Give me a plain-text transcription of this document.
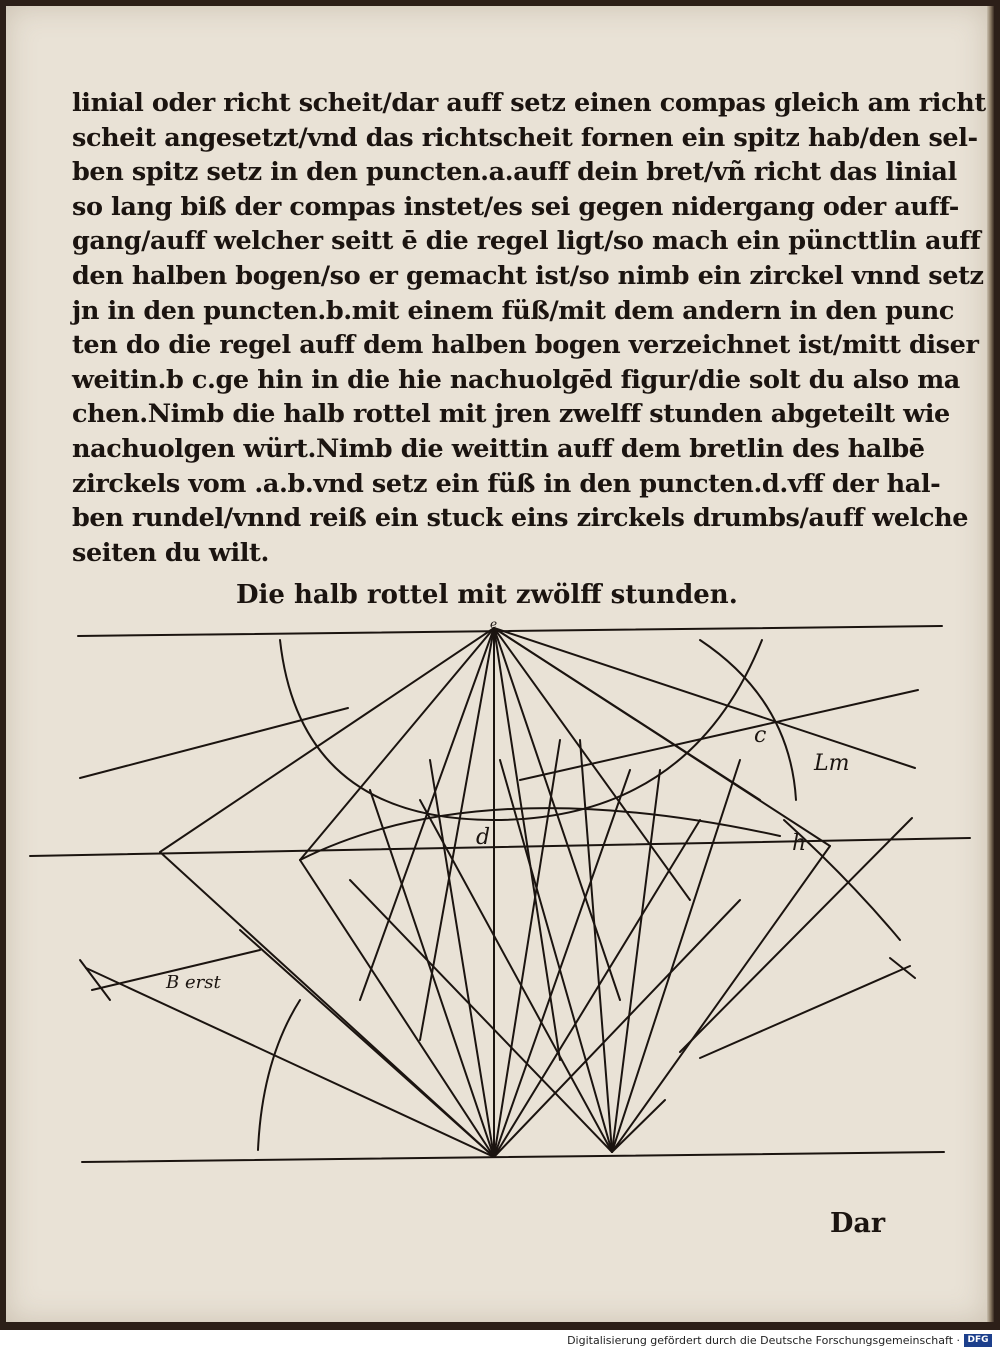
linial oder richt scheit/dar auff setz einen compas gleich am richt
scheit angesetzt/vnd das richtscheit fornen ein spitz hab/den sel-
ben spitz setz in den puncten.a.auff dein bret/vñ richt das linial
so lang biß der compas instet/es sei gegen nidergang oder auff-
gang/auff welcher seitt ē die regel ligt/so mach ein püncttlin auff
den halben bogen/so er gemacht ist/so nimb ein zirckel vnnd setz
jn in den puncten.b.mit einem füß/mit dem andern in den punc
ten do die regel auff dem halben bogen verzeichnet ist/mitt diser
weitin.b c.ge hin in die hie nachuolgēd figur/die solt du also ma
chen.Nimb die halb rottel mit jren zwelff stunden abgeteilt wie
nachuolgen würt.Nimb die weittin auff dem bretlin des halbē
zirckels vom .a.b.vnd setz ein füß in den puncten.d.vff der hal-
ben rundel/vnnd reiß ein stuck eins zirckels drumbs/auff welche
seiten du wilt.
Die halb rottel mit zwölff stunden.
e
c
Lm
d	h
B erst
Dar
Digitalisierung gefördert durch die Deutsche Forschungsgemeinschaft · DFG
